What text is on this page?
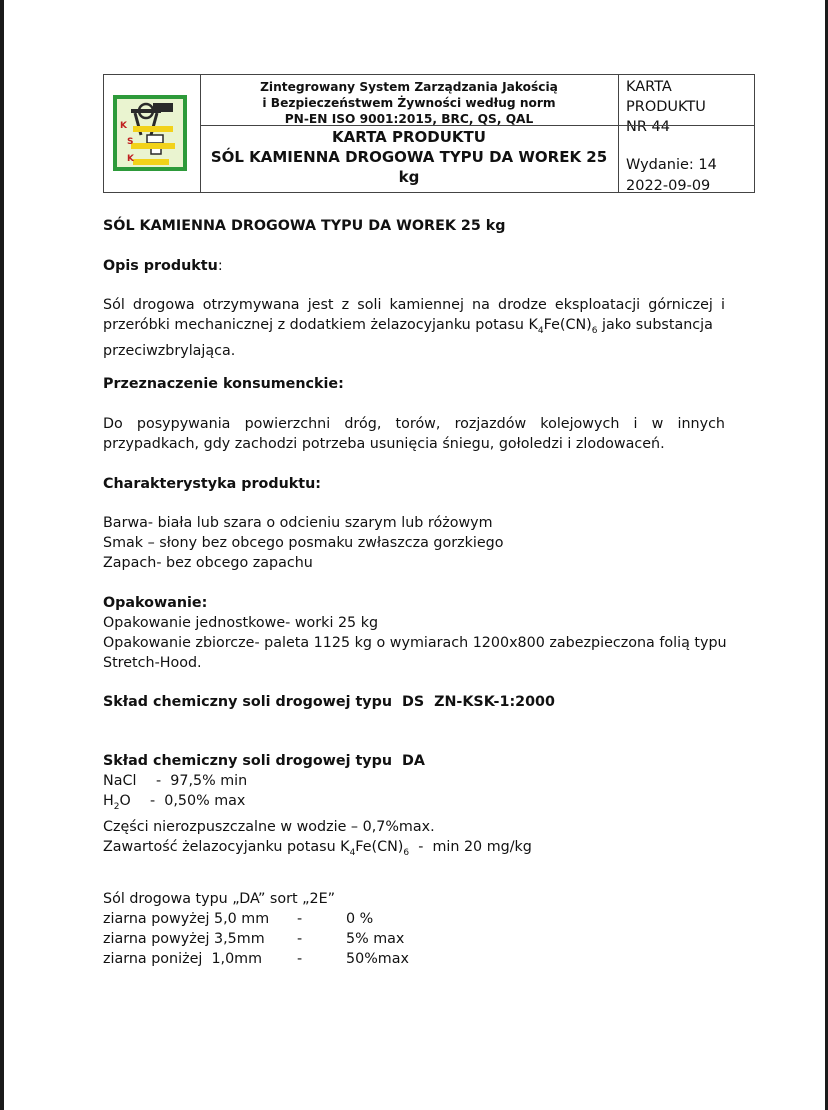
K
S
K
Zintegrowany System Zarządzania Jakością
i Bezpieczeństwem Żywności według norm
PN-EN ISO 9001:2015, BRC, QS, QAL
KARTA PRODUKTU
SÓL KAMIENNA DROGOWA TYPU DA WOREK 25
kg
KARTA
PRODUKTU
NR 44
Wydanie: 14
2022-09-09
SÓL KAMIENNA DROGOWA TYPU DA WOREK 25 kg
Opis produktu:
Sól drogowa otrzymywana jest z soli kamiennej na drodze eksploatacji górniczej i
przeróbki mechanicznej z dodatkiem żelazocyjanku potasu $K_4Fe(CN)_6$ jako substancja
przeciwzbrylająca.
Przeznaczenie konsumenckie:
Do posypywania powierzchni dróg, torów, rozjazdów kolejowych i w innych
przypadkach, gdy zachodzi potrzeba usunięcia śniegu, gołoledzi i zlodowaceń.
Charakterystyka produktu:
Barwa- biała lub szara o odcieniu szarym lub różowym
Smak – słony bez obcego posmaku zwłaszcza gorzkiego
Zapach- bez obcego zapachu
Opakowanie:
Opakowanie jednostkowe- worki 25 kg
Opakowanie zbiorcze- paleta 1125 kg o wymiarach 1200x800 zabezpieczona folią typu
Stretch-Hood.
Skład chemiczny soli drogowej typu  DS  ZN-KSK-1:2000
Skład chemiczny soli drogowej typu  DA
NaCl -  97,5% min
$H_2O - 0,50\%$ max
Części nierozpuszczalne w wodzie – 0,7%max.
Zawartość żelazocyjanku potasu $K_4Fe(CN)_6$  -  min 20 mg/kg
Sól drogowa typu „DA” sort „2E”
ziarna powyżej 5,0 mm -	0 %
ziarna powyżej 3,5mm -	5% max
ziarna poniżej  1,0mm -	50%max
